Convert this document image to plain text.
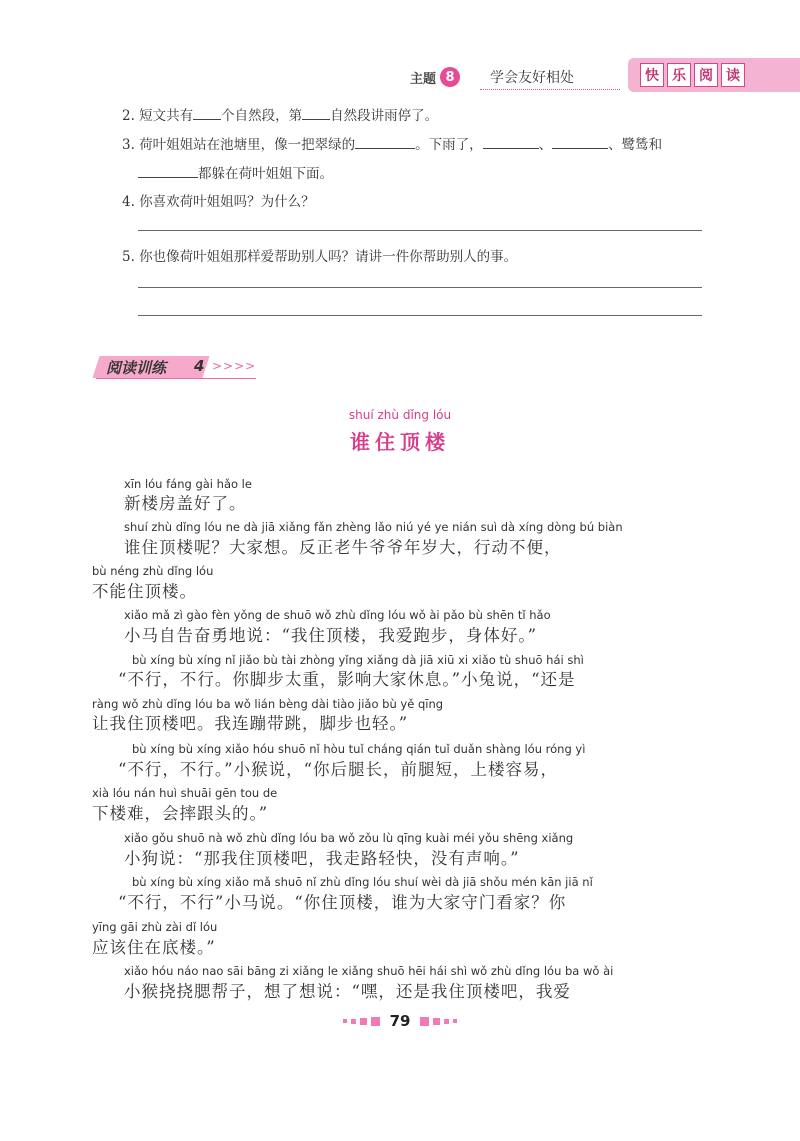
主题 8	学会友好相处	快 乐 阅 读
2. 短文共有 个自然段，第 自然段讲雨停了。
3. 荷叶姐姐站在池塘里，像一把翠绿的	。下雨了，	、	、鹭鸶和
都躲在荷叶姐姐下面。
4. 你喜欢荷叶姐姐吗？为什么？
5. 你也像荷叶姐姐那样爱帮助别人吗？请讲一件你帮助别人的事。
阅读训练 4 >>>>
shuí zhù dǐng lóu
谁住顶楼
xīn lóu fáng gài hǎo le
新楼房盖好了。
shuí zhù dǐng lóu ne dà jiā xiǎng fǎn zhèng lǎo niú yé ye nián suì dà xíng dòng bú biàn
谁住顶楼呢？大家想。反正老牛爷爷年岁大，行动不便，
bù néng zhù dǐng lóu
不能住顶楼。
xiǎo mǎ zì gào fèn yǒng de shuō wǒ zhù dǐng lóu wǒ ài pǎo bù shēn tǐ hǎo
小马自告奋勇地说：“我住顶楼，我爱跑步，身体好。”
bù xíng bù xíng nǐ jiǎo bù tài zhòng yǐng xiǎng dà jiā xiū xi xiǎo tù shuō hái shì
“不行，不行。你脚步太重，影响大家休息。”小兔说，“还是
ràng wǒ zhù dǐng lóu ba wǒ lián bèng dài tiào jiǎo bù yě qīng
让我住顶楼吧。我连蹦带跳，脚步也轻。”
bù xíng bù xíng xiǎo hóu shuō nǐ hòu tuǐ cháng qián tuǐ duǎn shàng lóu róng yì
“不行，不行。”小猴说，“你后腿长，前腿短，上楼容易，
xià lóu nán huì shuāi gēn tou de
下楼难，会摔跟头的。”
xiǎo gǒu shuō nà wǒ zhù dǐng lóu ba wǒ zǒu lù qīng kuài méi yǒu shēng xiǎng
小狗说：“那我住顶楼吧，我走路轻快，没有声响。”
bù xíng bù xíng xiǎo mǎ shuō nǐ zhù dǐng lóu shuí wèi dà jiā shǒu mén kān jiā nǐ
“不行，不行”小马说。“你住顶楼，谁为大家守门看家？你
yīng gāi zhù zài dǐ lóu
应该住在底楼。”
xiǎo hóu náo nao sāi bāng zi xiǎng le xiǎng shuō hēi hái shì wǒ zhù dǐng lóu ba wǒ ài
小猴挠挠腮帮子，想了想说：“嘿，还是我住顶楼吧，我爱
79
